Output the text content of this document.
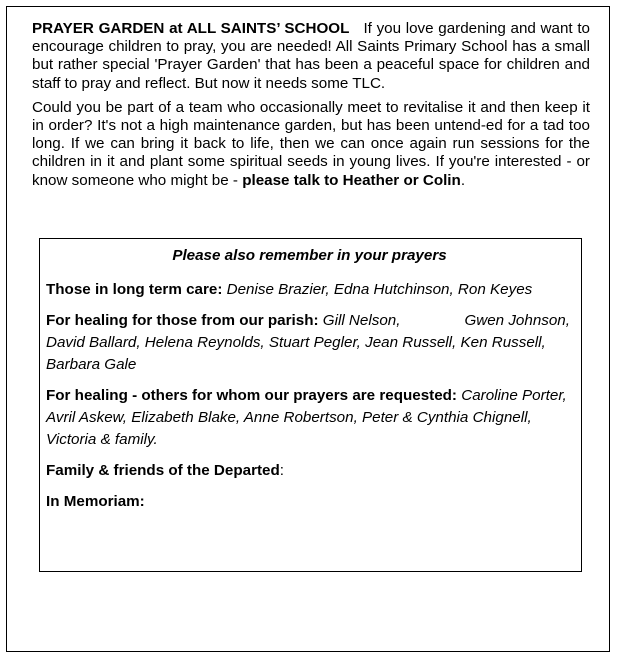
PRAYER GARDEN at ALL SAINTS’ SCHOOL If you love gardening and want to encourage children to pray, you are needed! All Saints Primary School has a small but rather special 'Prayer Garden' that has been a peaceful space for children and staff to pray and reflect. But now it needs some TLC.

Could you be part of a team who occasionally meet to revitalise it and then keep it in order? It's not a high maintenance garden, but has been untend-ed for a tad too long. If we can bring it back to life, then we can once again run sessions for the children in it and plant some spiritual seeds in young lives. If you're interested - or know someone who might be - please talk to Heather or Colin.

Please also remember in your prayers
Those in long term care: Denise Brazier, Edna Hutchinson, Ron Keyes
For healing for those from our parish: Gill Nelson,	Gwen Johnson, David Ballard, Helena Reynolds, Stuart Pegler, Jean Russell, Ken Russell, Barbara Gale
For healing - others for whom our prayers are requested: Caroline Porter, Avril Askew, Elizabeth Blake, Anne Robertson, Peter & Cynthia Chignell, Victoria & family.
Family & friends of the Departed:
In Memoriam:
